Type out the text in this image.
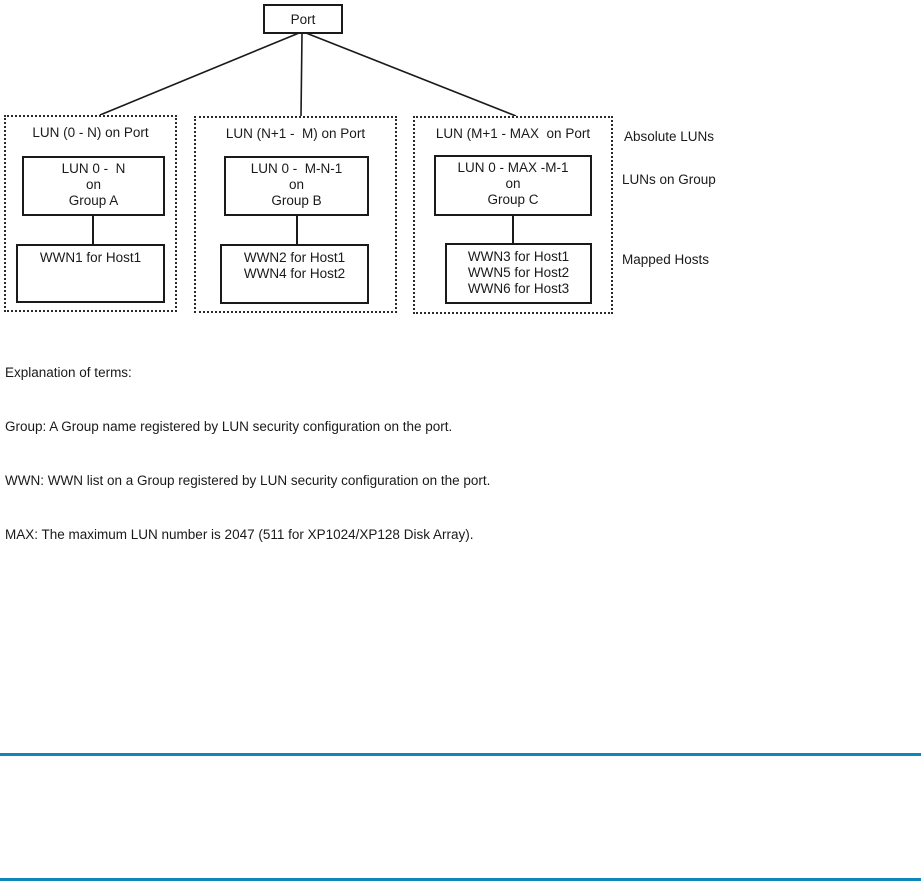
Port
LUN (0 - N) on Port
LUN 0 -  N
on
Group A
WWN1 for Host1
LUN (N+1 -  M) on Port
LUN 0 -  M-N-1
on
Group B
WWN2 for Host1
WWN4 for Host2
LUN (M+1 - MAX  on Port
LUN 0 - MAX -M-1
on
Group C
WWN3 for Host1
WWN5 for Host2
WWN6 for Host3
Absolute LUNs
LUNs on Group
Mapped Hosts

Explanation of terms:

Group: A Group name registered by LUN security configuration on the port.

WWN: WWN list on a Group registered by LUN security configuration on the port.

MAX: The maximum LUN number is 2047 (511 for XP1024/XP128 Disk Array).
